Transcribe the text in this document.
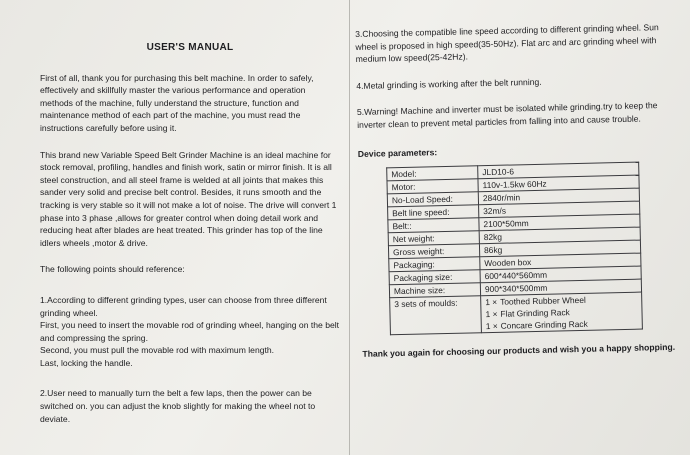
USER'S MANUAL

First of all, thank you for purchasing this belt machine. In order to safely, effectively and skillfully master the various performance and operation methods of the machine, fully understand the structure, function and maintenance method of each part of the machine, you must read the instructions carefully before using it.

This brand new Variable Speed Belt Grinder Machine is an ideal machine for stock removal, profiling, handles and finish work, satin or mirror finish. It is all steel construction, and all steel frame is welded at all joints that makes this sander very solid and precise belt control. Besides, it runs smooth and the tracking is very stable so it will not make a lot of noise. The drive will convert 1 phase into 3 phase ,allows for greater control when doing detail work and reducing heat after blades are heat treated. This grinder has top of the line idlers wheels ,motor & drive.

The following points should reference:

1.According to different grinding types, user can choose from three different grinding wheel.

First, you need to insert the movable rod of grinding wheel, hanging on the belt and compressing the spring.

Second, you must pull the movable rod with maximum length.

Last, locking the handle.

2.User need to manually turn the belt a few laps, then the power can be switched on. you can adjust the knob slightly for making the wheel not to deviate.

3.Choosing the compatible line speed according to different grinding wheel. Sun wheel is proposed in high speed(35-50Hz). Flat arc and arc grinding wheel with medium low speed(25-42Hz).

4.Metal grinding is working after the belt running.

5.Warning! Machine and inverter must be isolated while grinding.try to keep the inverter clean to prevent metal particles from falling into and cause trouble.

Device parameters:

Model:	JLD10-6
Motor:	110v-1.5kw 60Hz
No-Load Speed:	2840r/min
Belt line speed:	32m/s
Belt::	2100*50mm
Net weight:	82kg
Gross weight:	86kg
Packaging:	Wooden box
Packaging size:	600*440*560mm
Machine size:	900*340*500mm
3 sets of moulds:	1 × Toothed Rubber Wheel
1 × Flat Grinding Rack
1 × Concare Grinding Rack

Thank you again for choosing our products and wish you a happy shopping.
